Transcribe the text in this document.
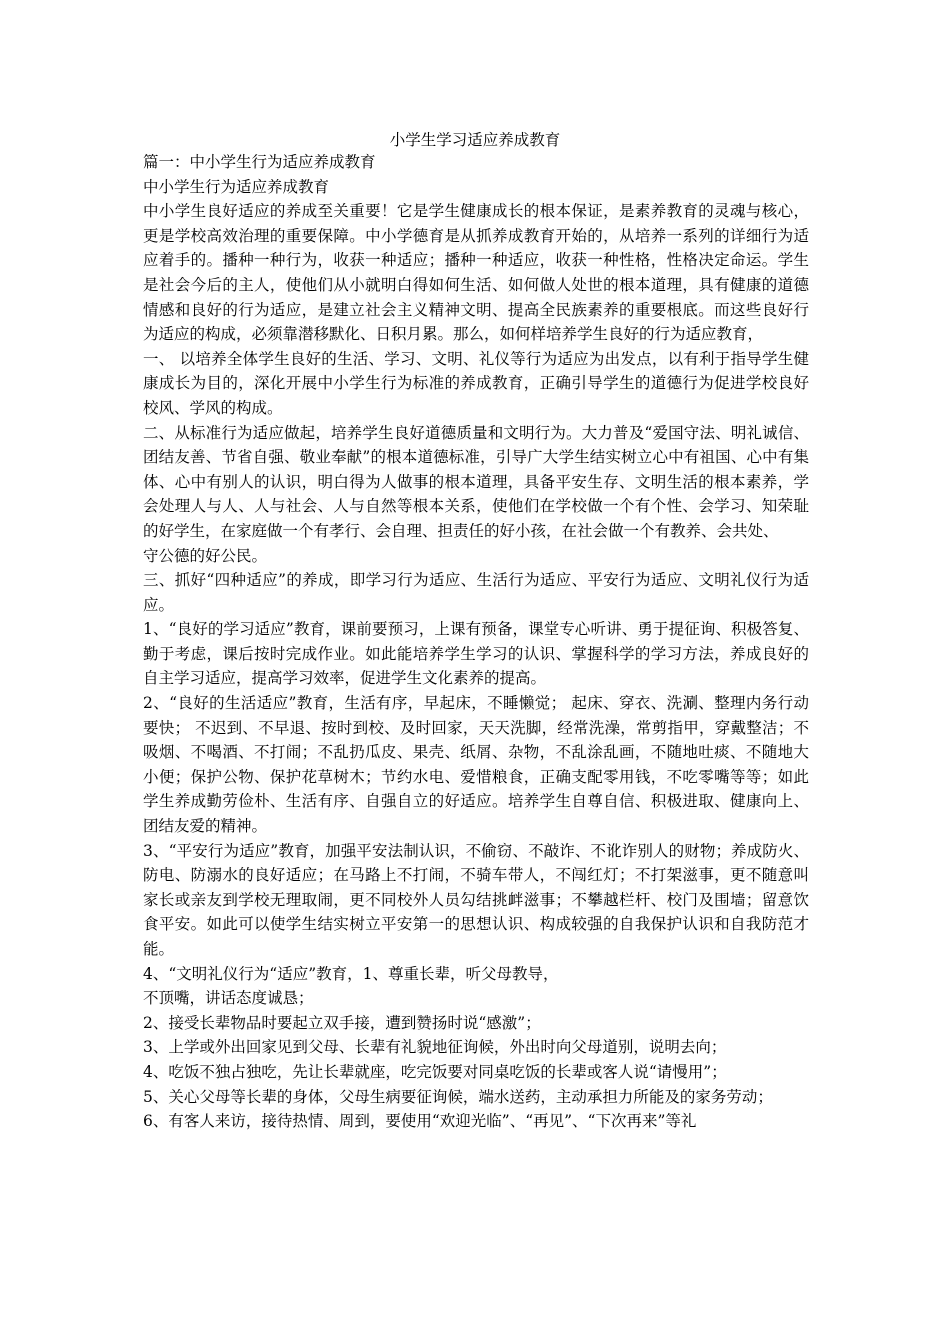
小学生学习适应养成教育

篇一：中小学生行为适应养成教育

中小学生行为适应养成教育

中小学生良好适应的养成至关重要！它是学生健康成长的根本保证，是素养教育的灵魂与核心，更是学校高效治理的重要保障。中小学德育是从抓养成教育开始的，从培养一系列的详细行为适应着手的。播种一种行为，收获一种适应；播种一种适应，收获一种性格，性格决定命运。学生是社会今后的主人，使他们从小就明白得如何生活、如何做人处世的根本道理，具有健康的道德情感和良好的行为适应，是建立社会主义精神文明、提高全民族素养的重要根底。而这些良好行为适应的构成，必须靠潜移默化、日积月累。那么，如何样培养学生良好的行为适应教育，

一、 以培养全体学生良好的生活、学习、文明、礼仪等行为适应为出发点，以有利于指导学生健康成长为目的，深化开展中小学生行为标准的养成教育，正确引导学生的道德行为促进学校良好校风、学风的构成。

二、从标准行为适应做起，培养学生良好道德质量和文明行为。大力普及“爱国守法、明礼诚信、团结友善、节省自强、敬业奉献”的根本道德标准，引导广大学生结实树立心中有祖国、心中有集体、心中有别人的认识，明白得为人做事的根本道理，具备平安生存、文明生活的根本素养，学会处理人与人、人与社会、人与自然等根本关系，使他们在学校做一个有个性、会学习、知荣耻的好学生，在家庭做一个有孝行、会自理、担责任的好小孩，在社会做一个有教养、会共处、

守公德的好公民。

三、抓好“四种适应”的养成，即学习行为适应、生活行为适应、平安行为适应、文明礼仪行为适应。

1、“良好的学习适应”教育，课前要预习，上课有预备，课堂专心听讲、勇于提征询、积极答复、勤于考虑，课后按时完成作业。如此能培养学生学习的认识、掌握科学的学习方法，养成良好的自主学习适应，提高学习效率，促进学生文化素养的提高。

2、“良好的生活适应”教育，生活有序，早起床，不睡懒觉； 起床、穿衣、洗涮、整理内务行动要快； 不迟到、不早退、按时到校、及时回家，天天洗脚，经常洗澡，常剪指甲，穿戴整洁；不吸烟、不喝酒、不打闹；不乱扔瓜皮、果壳、纸屑、杂物，不乱涂乱画，不随地吐痰、不随地大小便；保护公物、保护花草树木；节约水电、爱惜粮食，正确支配零用钱，不吃零嘴等等；如此学生养成勤劳俭朴、生活有序、自强自立的好适应。培养学生自尊自信、积极进取、健康向上、团结友爱的精神。

3、“平安行为适应”教育，加强平安法制认识，不偷窃、不敲诈、不讹诈别人的财物；养成防火、防电、防溺水的良好适应；在马路上不打闹，不骑车带人，不闯红灯；不打架滋事，更不随意叫家长或亲友到学校无理取闹，更不同校外人员勾结挑衅滋事；不攀越栏杆、校门及围墙；留意饮食平安。如此可以使学生结实树立平安第一的思想认识、构成较强的自我保护认识和自我防范才能。

4、“文明礼仪行为“适应”教育，1、尊重长辈，听父母教导，

不顶嘴，讲话态度诚恳；

2、接受长辈物品时要起立双手接，遭到赞扬时说“感激”；

3、上学或外出回家见到父母、长辈有礼貌地征询候，外出时向父母道别，说明去向；

4、吃饭不独占独吃，先让长辈就座，吃完饭要对同桌吃饭的长辈或客人说“请慢用”；

5、关心父母等长辈的身体，父母生病要征询候，端水送药，主动承担力所能及的家务劳动；

6、有客人来访，接待热情、周到，要使用“欢迎光临”、“再见”、“下次再来”等礼
